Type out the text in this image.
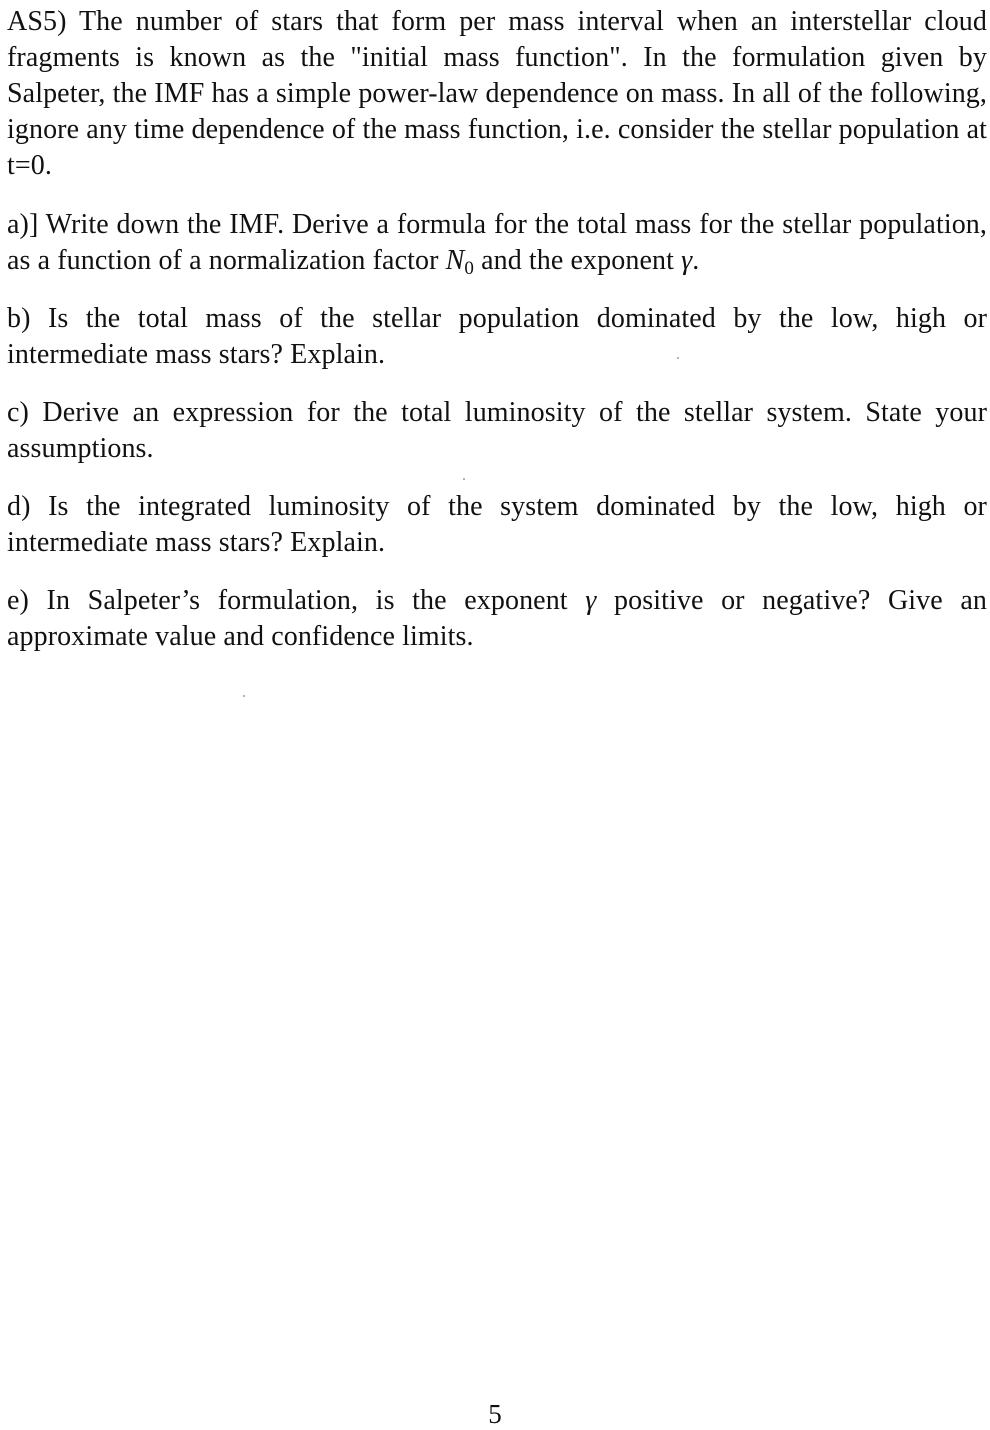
AS5) The number of stars that form per mass interval when an interstellar cloud fragments is known as the "initial mass function". In the formulation given by Salpeter, the IMF has a simple power-law dependence on mass. In all of the following, ignore any time dependence of the mass function, i.e. consider the stellar population at t=0.

a)] Write down the IMF. Derive a formula for the total mass for the stellar population, as a function of a normalization factor $N_0$ and the exponent γ.

b) Is the total mass of the stellar population dominated by the low, high or intermediate mass stars? Explain.

c) Derive an expression for the total luminosity of the stellar system. State your assumptions.

d) Is the integrated luminosity of the system dominated by the low, high or intermediate mass stars? Explain.

e) In Salpeter’s formulation, is the exponent γ positive or negative? Give an approximate value and confidence limits.

5
